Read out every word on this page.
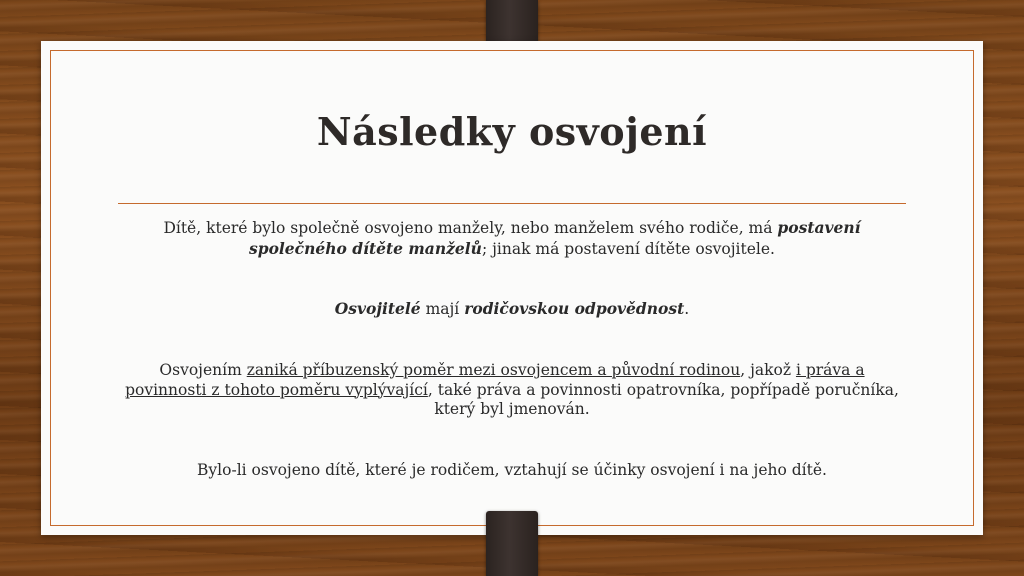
Následky osvojení
Dítě, které bylo společně osvojeno manžely, nebo manželem svého rodiče, má postavení společného dítěte manželů; jinak má postavení dítěte osvojitele.
Osvojitelé mají rodičovskou odpovědnost.
Osvojením zaniká příbuzenský poměr mezi osvojencem a původní rodinou, jakož i práva a povinnosti z tohoto poměru vyplývající, také práva a povinnosti opatrovníka, popřípadě poručníka, který byl jmenován.
Bylo-li osvojeno dítě, které je rodičem, vztahují se účinky osvojení i na jeho dítě.
